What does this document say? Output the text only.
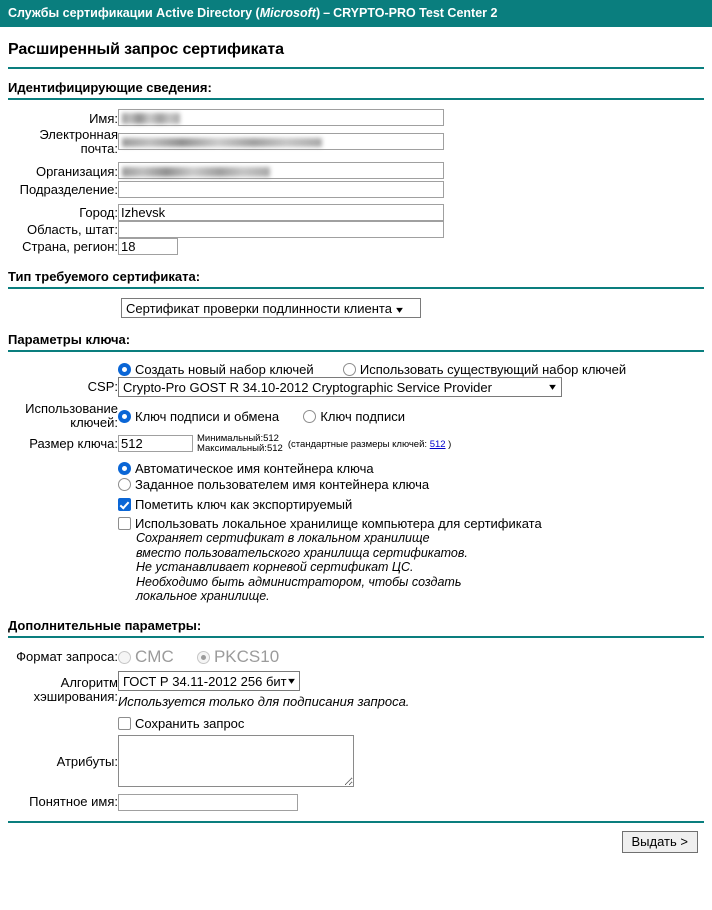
Службы сертификации Active Directory (Microsoft) – CRYPTO-PRO Test Center 2
Расширенный запрос сертификата
Идентифицирующие сведения:
Имя:	

Электронная почта:	

Организация:	

Подразделение:	

Город:	Izhevsk
Область, штат:	
Страна, регион:	18
Тип требуемого сертификата:
Сертификат проверки подлинности клиента ▾
Параметры ключа:
	Создать новый набор ключей Использовать существующий набор ключей
CSP:	Crypto-Pro GOST R 34.10-2012 Cryptographic Service Provider ▾

Использование ключей:	Ключ подписи и обмена Ключ подписи

Размер ключа:	512Минимальный:512
Максимальный:512 (стандартные размеры ключей: 512 )

	Автоматическое имя контейнера ключа  Заданное пользователем имя контейнера ключа

	Пометить ключ как экспортируемый

	Использовать локальное хранилище компьютера для сертификата
Сохраняет сертификат в локальном хранилище
вместо пользовательского хранилища сертификатов.
Не устанавливает корневой сертификат ЦС.
Необходимо быть администратором, чтобы создать
локальное хранилище.
Дополнительные параметры:
Формат запроса:	CMC PKCS10

Алгоритм хэширования:	ГОСТ Р 34.11-2012 256 бит ▾
Используется только для подписания запроса.

	Сохранить запрос

Атрибуты:	

Понятное имя:	
Выдать >
